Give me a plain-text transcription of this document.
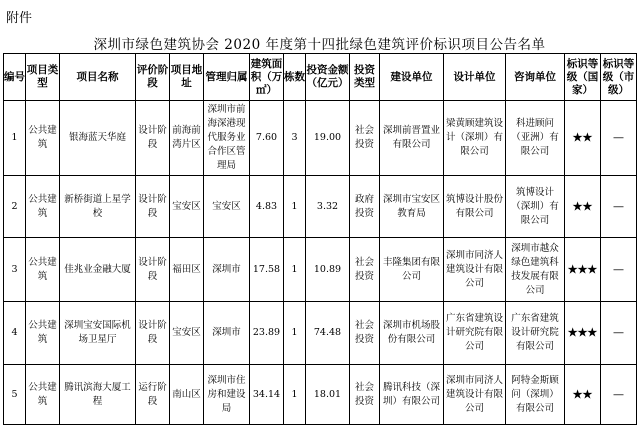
附件
深圳市绿色建筑协会 2020 年度第十四批绿色建筑评价标识项目公告名单
编号	项目类型	项目名称	评价阶段	项目地址	管理归属	建筑面积（万㎡）	栋数	投资金额（亿元）	投资类型	建设单位	设计单位	咨询单位	标识等级（国家）	标识等级（市级）

1	公共建筑	银海蓝天华庭	设计阶段	前海前湾片区	深圳市前海深港现代服务业合作区管理局	7.60	3	19.00	社会投资	深圳前晋置业有限公司	梁黄顾建筑设计（深圳）有限公司	科进顾问（亚洲）有限公司	★★	—

2	公共建筑	新桥街道上星学校	设计阶段	宝安区	宝安区	4.83	1	3.32	政府投资	深圳市宝安区教育局	筑博设计股份有限公司	筑博设计（深圳）有限公司	★★	—

3	公共建筑	佳兆业金融大厦	设计阶段	福田区	深圳市	17.58	1	10.89	社会投资	丰隆集团有限公司	深圳市同济人建筑设计有限公司	深圳市越众绿色建筑科技发展有限公司	★★★	—

4	公共建筑	深圳宝安国际机场卫星厅	设计阶段	宝安区	深圳市	23.89	1	74.48	社会投资	深圳市机场股份有限公司	广东省建筑设计研究院有限公司	广东省建筑设计研究院有限公司	★★★	—

5	公共建筑	腾讯滨海大厦工程	运行阶段	南山区	深圳市住房和建设局	34.14	1	18.01	社会投资	腾讯科技（深圳）有限公司	深圳市同济人建筑设计有限公司	阿特金斯顾问（深圳）有限公司	★★	—
